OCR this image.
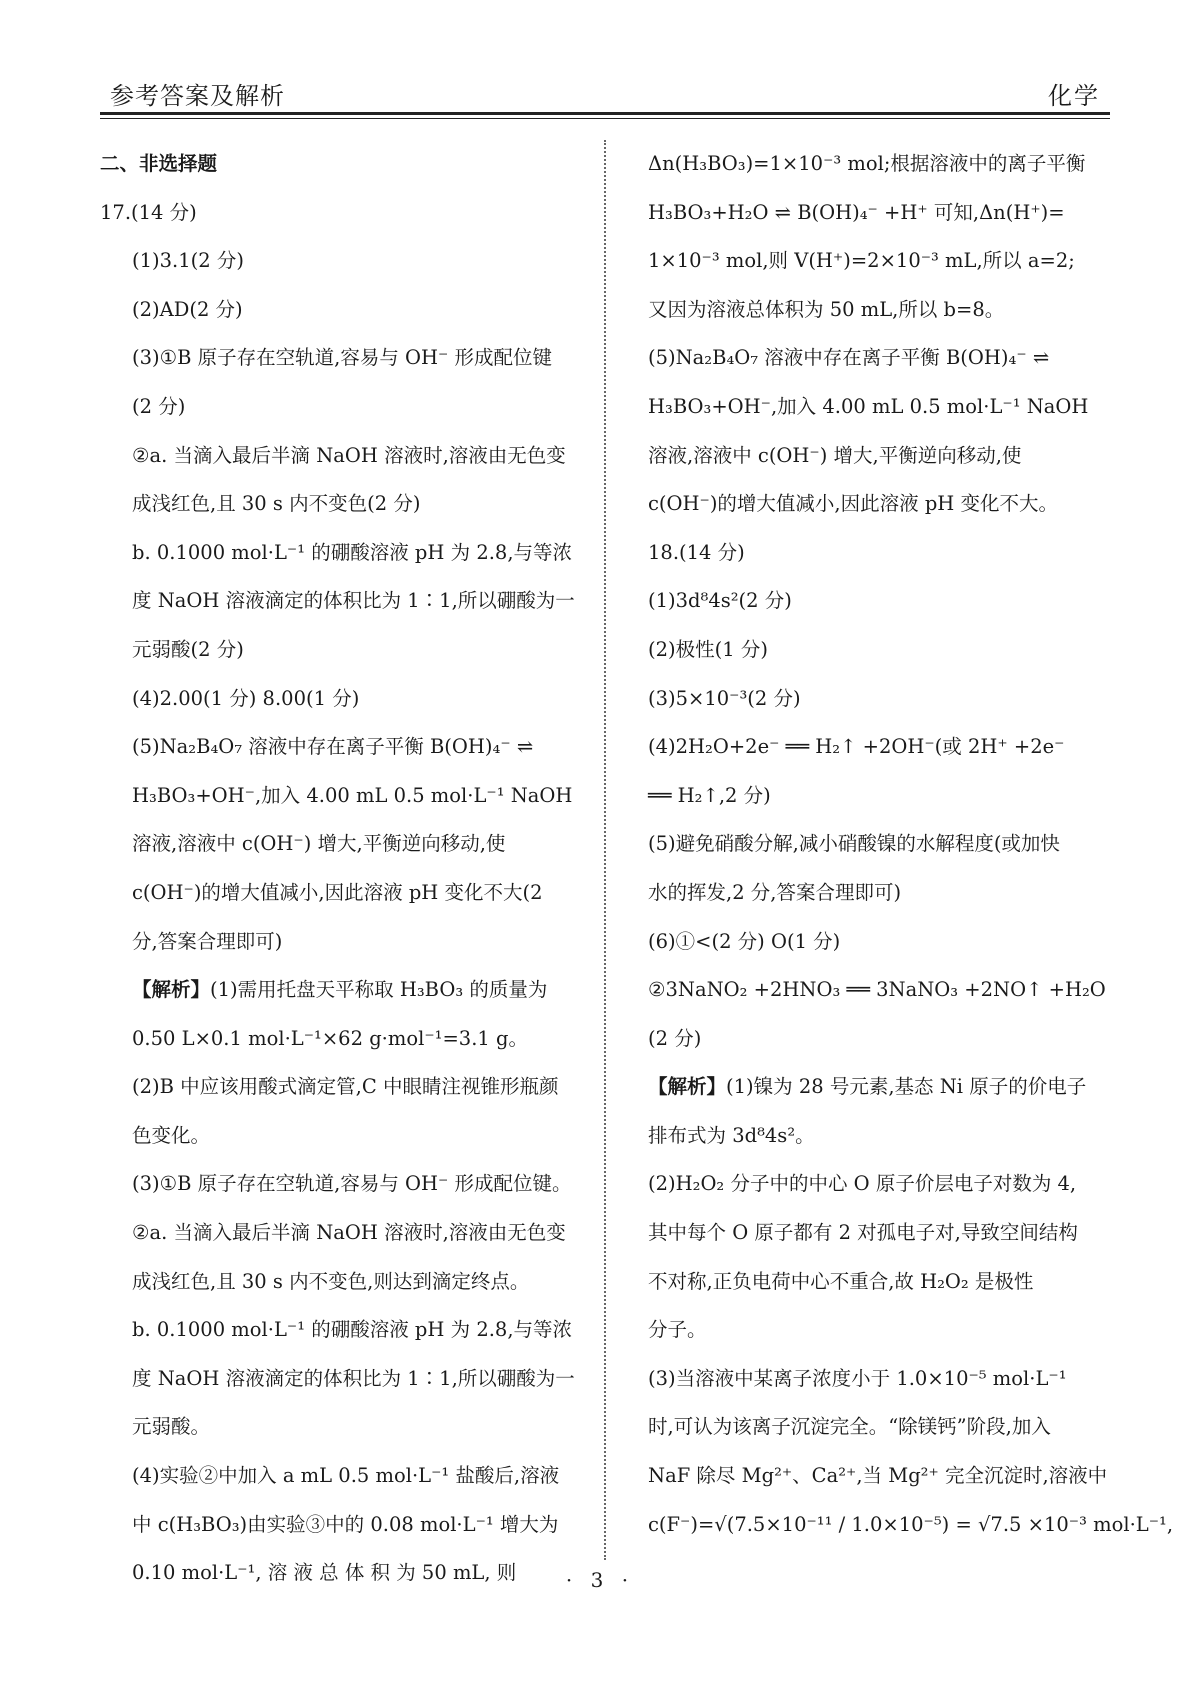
参考答案及解析	化学
二、非选择题
17.(14 分)
(1)3.1(2 分)
(2)AD(2 分)
(3)①B 原子存在空轨道,容易与 OH⁻ 形成配位键
(2 分)
②a. 当滴入最后半滴 NaOH 溶液时,溶液由无色变
成浅红色,且 30 s 内不变色(2 分)
b. 0.1000 mol·L⁻¹ 的硼酸溶液 pH 为 2.8,与等浓
度 NaOH 溶液滴定的体积比为 1∶1,所以硼酸为一
元弱酸(2 分)
(4)2.00(1 分) 8.00(1 分)
(5)Na₂B₄O₇ 溶液中存在离子平衡 B(OH)₄⁻ ⇌
H₃BO₃+OH⁻,加入 4.00 mL 0.5 mol·L⁻¹ NaOH
溶液,溶液中 c(OH⁻) 增大,平衡逆向移动,使
c(OH⁻)的增大值减小,因此溶液 pH 变化不大(2
分,答案合理即可)
【解析】(1)需用托盘天平称取 H₃BO₃ 的质量为
0.50 L×0.1 mol·L⁻¹×62 g·mol⁻¹=3.1 g。
(2)B 中应该用酸式滴定管,C 中眼睛注视锥形瓶颜
色变化。
(3)①B 原子存在空轨道,容易与 OH⁻ 形成配位键。
②a. 当滴入最后半滴 NaOH 溶液时,溶液由无色变
成浅红色,且 30 s 内不变色,则达到滴定终点。
b. 0.1000 mol·L⁻¹ 的硼酸溶液 pH 为 2.8,与等浓
度 NaOH 溶液滴定的体积比为 1∶1,所以硼酸为一
元弱酸。
(4)实验②中加入 a mL 0.5 mol·L⁻¹ 盐酸后,溶液
中 c(H₃BO₃)由实验③中的 0.08 mol·L⁻¹ 增大为
0.10 mol·L⁻¹, 溶 液 总 体 积 为 50 mL, 则
Δn(H₃BO₃)=1×10⁻³ mol;根据溶液中的离子平衡
H₃BO₃+H₂O ⇌ B(OH)₄⁻ +H⁺ 可知,Δn(H⁺)=
1×10⁻³ mol,则 V(H⁺)=2×10⁻³ mL,所以 a=2;
又因为溶液总体积为 50 mL,所以 b=8。
(5)Na₂B₄O₇ 溶液中存在离子平衡 B(OH)₄⁻ ⇌
H₃BO₃+OH⁻,加入 4.00 mL 0.5 mol·L⁻¹ NaOH
溶液,溶液中 c(OH⁻) 增大,平衡逆向移动,使
c(OH⁻)的增大值减小,因此溶液 pH 变化不大。
18.(14 分)
(1)3d⁸4s²(2 分)
(2)极性(1 分)
(3)5×10⁻³(2 分)
(4)2H₂O+2e⁻ ══ H₂↑ +2OH⁻(或 2H⁺ +2e⁻
══ H₂↑,2 分)
(5)避免硝酸分解,减小硝酸镍的水解程度(或加快
水的挥发,2 分,答案合理即可)
(6)①<(2 分) O(1 分)
②3NaNO₂ +2HNO₃ ══ 3NaNO₃ +2NO↑ +H₂O
(2 分)
【解析】(1)镍为 28 号元素,基态 Ni 原子的价电子
排布式为 3d⁸4s²。
(2)H₂O₂ 分子中的中心 O 原子价层电子对数为 4,
其中每个 O 原子都有 2 对孤电子对,导致空间结构
不对称,正负电荷中心不重合,故 H₂O₂ 是极性
分子。
(3)当溶液中某离子浓度小于 1.0×10⁻⁵ mol·L⁻¹
时,可认为该离子沉淀完全。“除镁钙”阶段,加入
NaF 除尽 Mg²⁺、Ca²⁺,当 Mg²⁺ 完全沉淀时,溶液中
c(F⁻)=√(7.5×10⁻¹¹ / 1.0×10⁻⁵) = √7.5 ×10⁻³ mol·L⁻¹,
· 3 ·
